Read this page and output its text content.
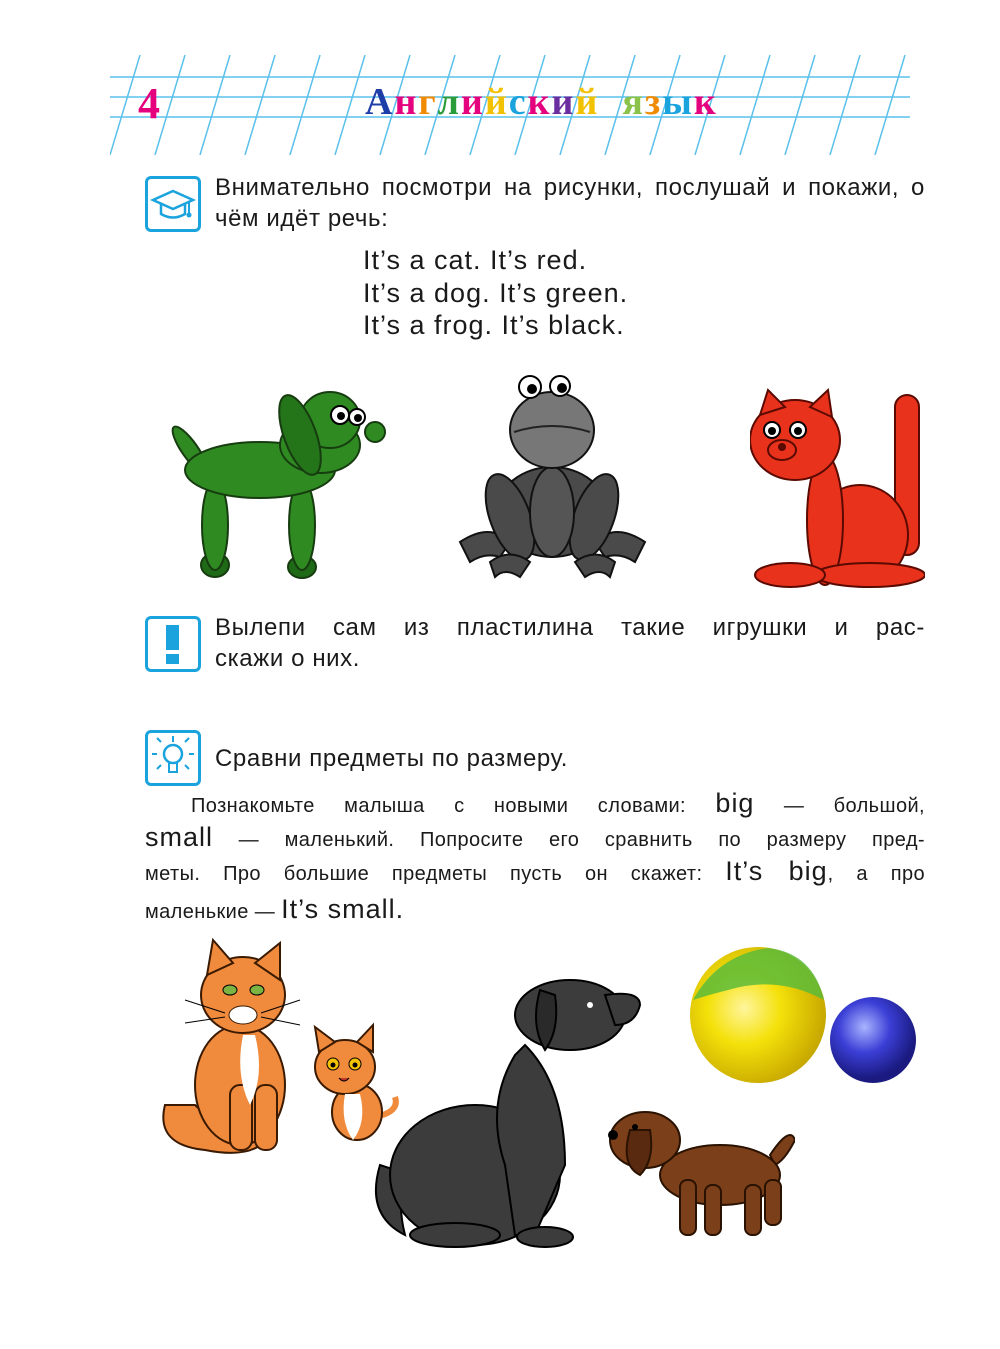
4	Английский язык
Внимательно посмотри на рисунки, послушай и покажи, о чём идёт речь:
It’s a cat. It’s red.
It’s a dog. It’s green.
It’s a frog. It’s black.
Вылепи сам из пластилина такие игрушки и рас-
скажи о них.
Сравни предметы по размеру.
Познакомьте малыша с новыми словами: big — большой,
small — маленький. Попросите его сравнить по размеру пред-
меты. Про большие предметы пусть он скажет: It’s big, а про
маленькие — It’s small.
